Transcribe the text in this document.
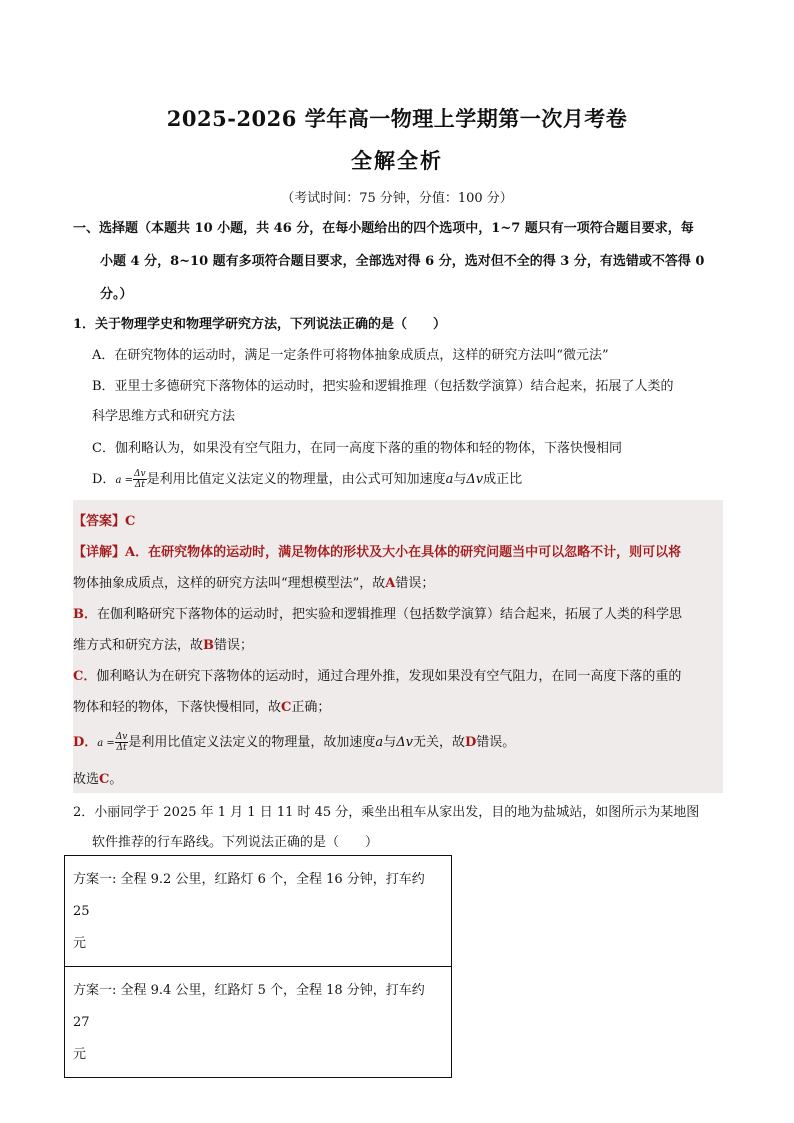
2025-2026 学年高一物理上学期第一次月考卷
全解全析
（考试时间：75 分钟，分值：100 分）
一、选择题（本题共 10 小题，共 46 分，在每小题给出的四个选项中，1~7 题只有一项符合题目要求，每
小题 4 分，8~10 题有多项符合题目要求，全部选对得 6 分，选对但不全的得 3 分，有选错或不答得 0
分。）
1．关于物理学史和物理学研究方法，下列说法正确的是（　　）
A．在研究物体的运动时，满足一定条件可将物体抽象成质点，这样的研究方法叫“微元法”
B．亚里士多德研究下落物体的运动时，把实验和逻辑推理（包括数学演算）结合起来，拓展了人类的
科学思维方式和研究方法
C．伽利略认为，如果没有空气阻力，在同一高度下落的重的物体和轻的物体，下落快慢相同
D．$a = \frac{\Delta v}{\Delta t}$ 是利用比值定义法定义的物理量，由公式可知加速度a与Δv成正比
【答案】C
【详解】A．在研究物体的运动时，满足物体的形状及大小在具体的研究问题当中可以忽略不计，则可以将
物体抽象成质点，这样的研究方法叫“理想模型法”，故A错误；
B．在伽利略研究下落物体的运动时，把实验和逻辑推理（包括数学演算）结合起来，拓展了人类的科学思
维方式和研究方法，故B错误；
C．伽利略认为在研究下落物体的运动时，通过合理外推，发现如果没有空气阻力，在同一高度下落的重的
物体和轻的物体，下落快慢相同，故C正确；
D．$a = \frac{\Delta v}{\Delta t}$ 是利用比值定义法定义的物理量，故加速度a与Δv无关，故D错误。
故选C。
2．小丽同学于 2025 年 1 月 1 日 11 时 45 分，乘坐出租车从家出发，目的地为盐城站，如图所示为某地图
软件推荐的行车路线。下列说法正确的是（　　）
方案一: 全程 9.2 公里，红路灯 6 个，全程 16 分钟，打车约 25
元
方案一: 全程 9.4 公里，红路灯 5 个，全程 18 分钟，打车约 27
元
